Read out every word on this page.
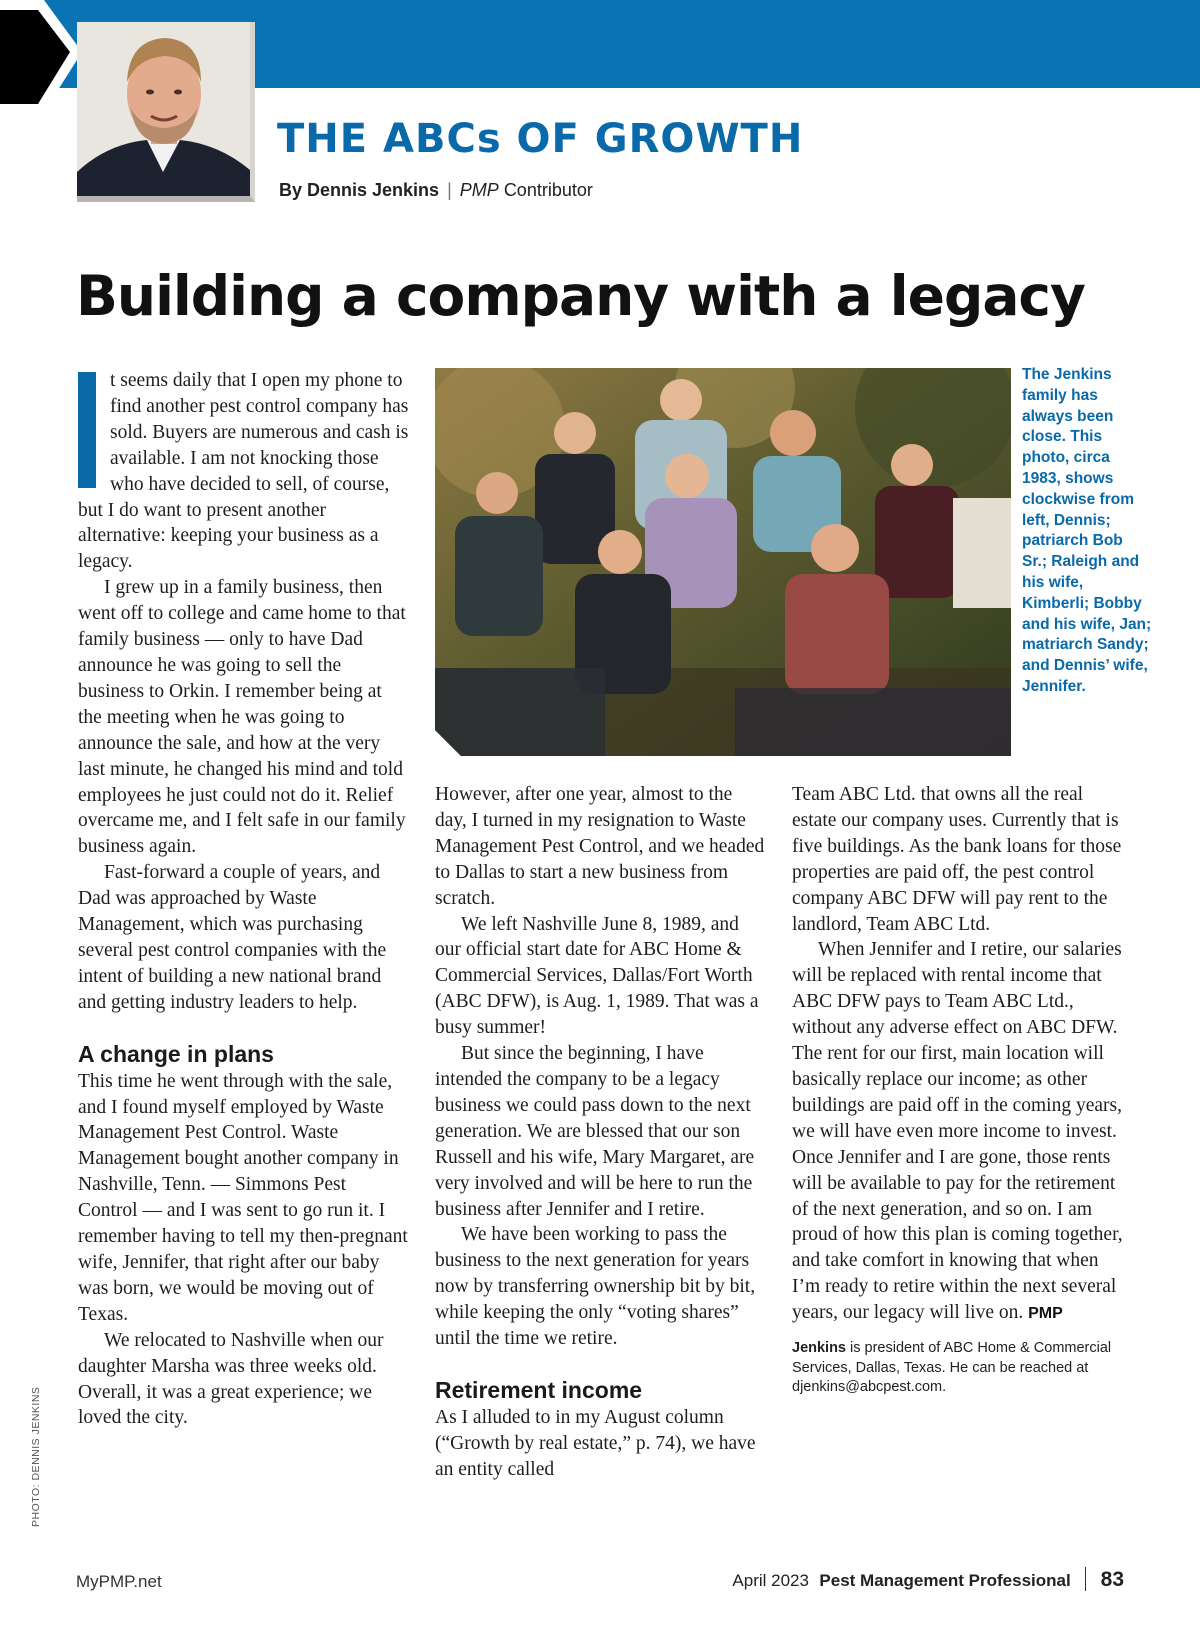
THE ABCs OF GROWTH
By Dennis Jenkins | PMP Contributor
Building a company with a legacy

I	t seems daily that I open my phone to find another pest control company has sold. Buyers are numerous and cash is available. I am not knocking those who have decided to sell, of course, but I do want to present another alternative: keeping your business as a legacy.

I grew up in a family business, then went off to college and came home to that family business — only to have Dad announce he was going to sell the business to Orkin. I remember being at the meeting when he was going to announce the sale, and how at the very last minute, he changed his mind and told employees he just could not do it. Relief overcame me, and I felt safe in our family business again.

Fast-forward a couple of years, and Dad was approached by Waste Management, which was purchasing several pest control companies with the intent of building a new national brand and getting industry leaders to help.

A change in plans

This time he went through with the sale, and I found myself employed by Waste Management Pest Control. Waste Management bought another company in Nashville, Tenn. — Simmons Pest Control — and I was sent to go run it. I remember having to tell my then-pregnant wife, Jennifer, that right after our baby was born, we would be moving out of Texas.

We relocated to Nashville when our daughter Marsha was three weeks old. Overall, it was a great experience; we loved the city.

The Jenkins family has always been close. This photo, circa 1983, shows clockwise from left, Dennis; patriarch Bob Sr.; Raleigh and his wife, Kimberli; Bobby and his wife, Jan; matriarch Sandy; and Dennis’ wife, Jennifer.

However, after one year, almost to the day, I turned in my resignation to Waste Management Pest Control, and we headed to Dallas to start a new business from scratch.

We left Nashville June 8, 1989, and our official start date for ABC Home & Commercial Services, Dallas/Fort Worth (ABC DFW), is Aug. 1, 1989. That was a busy summer!

But since the beginning, I have intended the company to be a legacy business we could pass down to the next generation. We are blessed that our son Russell and his wife, Mary Margaret, are very involved and will be here to run the business after Jennifer and I retire.

We have been working to pass the business to the next generation for years now by transferring ownership bit by bit, while keeping the only “voting shares” until the time we retire.

Retirement income

As I alluded to in my August column (“Growth by real estate,” p. 74), we have an entity called

Team ABC Ltd. that owns all the real estate our company uses. Currently that is five buildings. As the bank loans for those properties are paid off, the pest control company ABC DFW will pay rent to the landlord, Team ABC Ltd.

When Jennifer and I retire, our salaries will be replaced with rental income that ABC DFW pays to Team ABC Ltd., without any adverse effect on ABC DFW. The rent for our first, main location will basically replace our income; as other buildings are paid off in the coming years, we will have even more income to invest. Once Jennifer and I are gone, those rents will be available to pay for the retirement of the next generation, and so on. I am proud of how this plan is coming together, and take comfort in knowing that when I’m ready to retire within the next several years, our legacy will live on. PMP

Jenkins is president of ABC Home & Commercial Services, Dallas, Texas. He can be reached at djenkins@abcpest.com.
PHOTO: DENNIS JENKINS
MyPMP.net	April 2023 Pest Management Professional 83
